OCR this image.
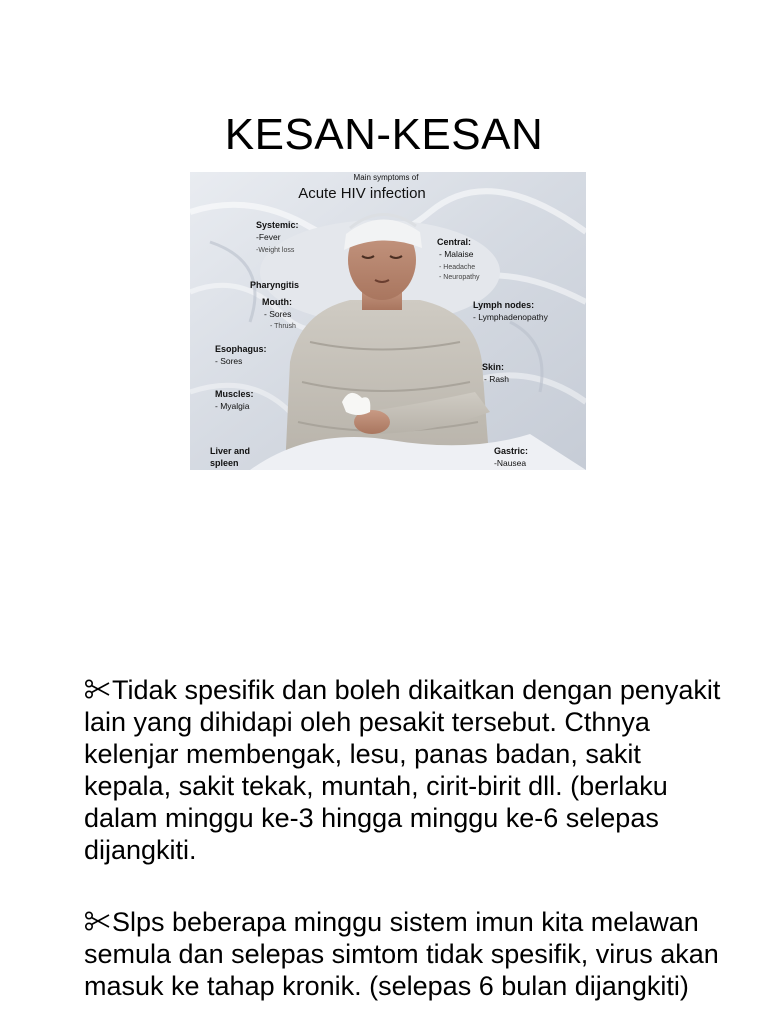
KESAN-KESAN
Main symptoms of
Acute HIV infection
Systemic:
-Fever
-Weight loss
Pharyngitis
Mouth:
- Sores
- Thrush
Esophagus:
- Sores
Muscles:
- Myalgia
Liver and
spleen
Central:
- Malaise
- Headache
- Neuropathy
Lymph nodes:
- Lymphadenopathy
Skin:
- Rash
Gastric:
-Nausea

Tidak spesifik dan boleh dikaitkan dengan penyakit lain yang dihidapi oleh pesakit tersebut. Cthnya kelenjar membengak, lesu, panas badan, sakit kepala, sakit tekak, muntah, cirit-birit dll. (berlaku dalam minggu ke-3 hingga minggu ke-6 selepas dijangkiti.

Slps beberapa minggu sistem imun kita melawan semula dan selepas simtom tidak spesifik, virus akan masuk ke tahap kronik. (selepas 6 bulan dijangkiti)
